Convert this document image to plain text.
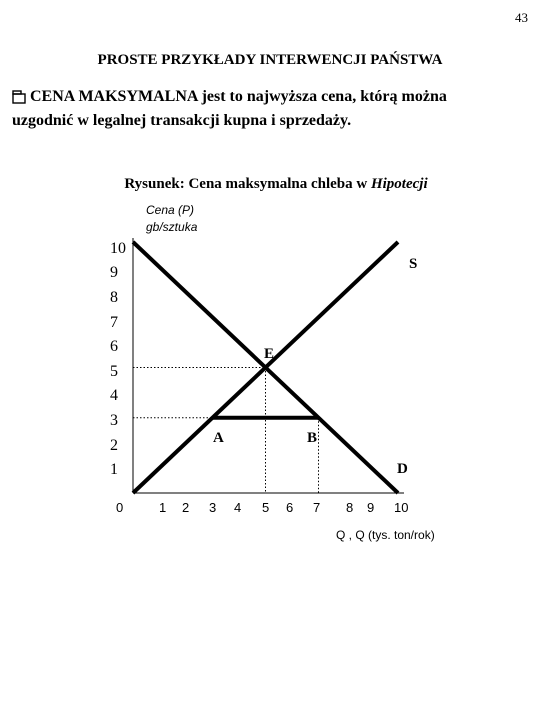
43
PROSTE PRZYKŁADY INTERWENCJI PAŃSTWA
CENA MAKSYMALNA jest to najwyższa cena, którą można
uzgodnić w legalnej transakcji kupna i sprzedaży.
Rysunek: Cena maksymalna chleba w Hipotecji
Cena (P)
gb/sztuka
10
9
8
7
6
5
4
3
2
1
0	1 2 3 4 5 6 7 8 9 10
Q , Q (tys. ton/rok)
S
D
E
A	B
